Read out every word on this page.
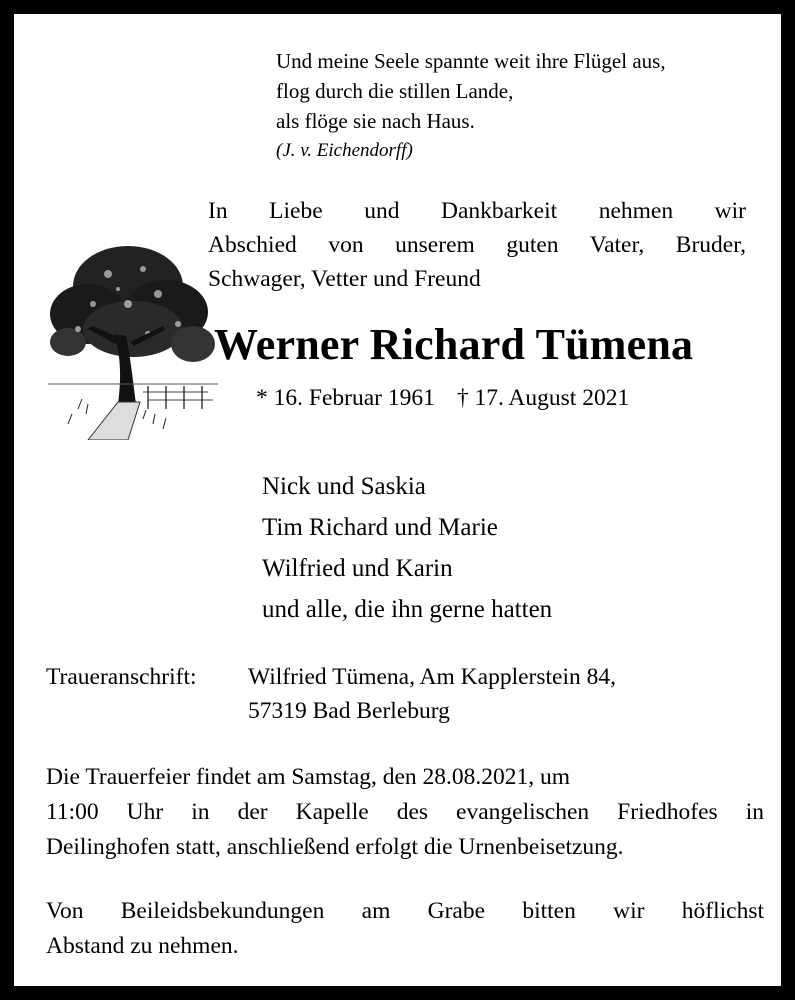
Und meine Seele spannte weit ihre Flügel aus,
flog durch die stillen Lande,
als flöge sie nach Haus.
(J. v. Eichendorff)
In Liebe und Dankbarkeit nehmen wir
Abschied von unserem guten Vater, Bruder,
Schwager, Vetter und Freund
Werner Richard Tümena
* 16. Februar 1961 † 17. August 2021
Nick und Saskia
Tim Richard und Marie
Wilfried und Karin
und alle, die ihn gerne hatten
Traueranschrift:	Wilfried Tümena, Am Kapplerstein 84,
57319 Bad Berleburg
Die Trauerfeier findet am Samstag, den 28.08.2021, um
11:00 Uhr in der Kapelle des evangelischen Friedhofes in
Deilinghofen statt, anschließend erfolgt die Urnenbeisetzung.
Von Beileidsbekundungen am Grabe bitten wir höflichst
Abstand zu nehmen.
